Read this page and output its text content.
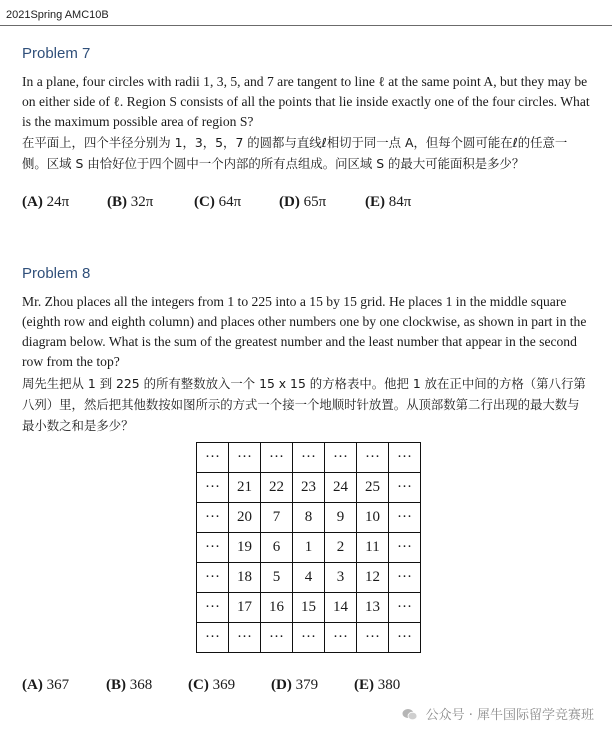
2021Spring AMC10B
Problem 7

In a plane, four circles with radii 1, 3, 5, and 7 are tangent to line ℓ at the same point A, but they may be on either side of ℓ. Region S consists of all the points that lie inside exactly one of the four circles. What is the maximum possible area of region S?

在平面上，四个半径分别为 1，3，5，7 的圆都与直线ℓ相切于同一点 A，但每个圆可能在ℓ的任意一侧。区域 S 由恰好位于四个圆中一个内部的所有点组成。问区域 S 的最大可能面积是多少？

(A) 24π	(B) 32π	(C) 64π	(D) 65π	(E) 84π
Problem 8

Mr. Zhou places all the integers from 1 to 225 into a 15 by 15 grid. He places 1 in the middle square (eighth row and eighth column) and places other numbers one by one clockwise, as shown in part in the diagram below. What is the sum of the greatest number and the least number that appear in the second row from the top?

周先生把从 1 到 225 的所有整数放入一个 15 x 15 的方格表中。他把 1 放在正中间的方格（第八行第八列）里，然后把其他数按如图所示的方式一个接一个地顺时针放置。从顶部数第二行出现的最大数与最小数之和是多少？

···	···	···	···	···	···	···
···	21	22	23	24	25	···
···	20	7	8	9	10	···
···	19	6	1	2	11	···
···	18	5	4	3	12	···
···	17	16	15	14	13	···
···	···	···	···	···	···	···
(A) 367 (B) 368 (C) 369 (D) 379 (E) 380
公众号 · 犀牛国际留学竞赛班
